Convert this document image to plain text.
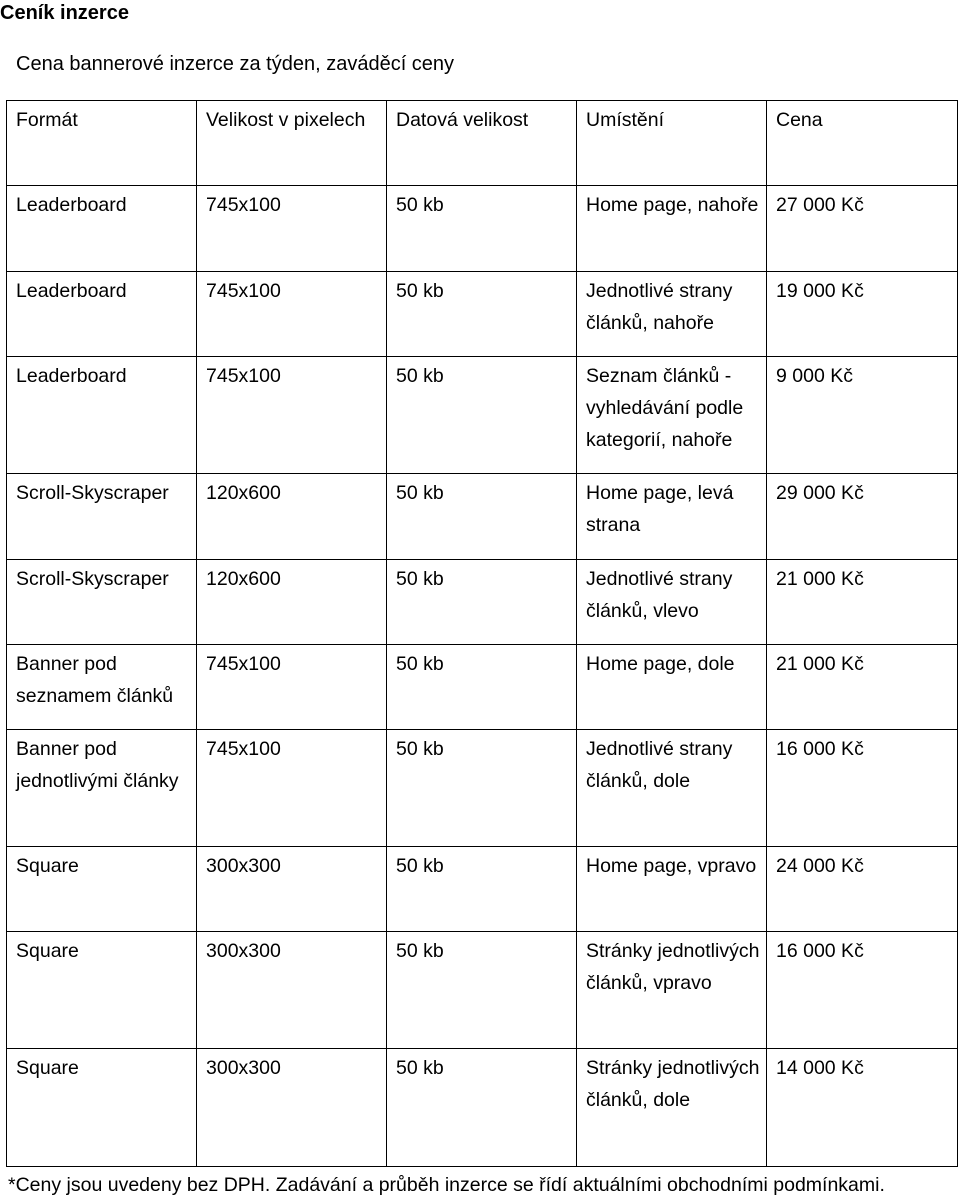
Ceník inzerce
Cena bannerové inzerce za týden, zaváděcí ceny
Formát	Velikost v pixelech	Datová velikost	Umístění	Cena
Leaderboard	745x100	50 kb	Home page, nahoře	27 000 Kč
Leaderboard	745x100	50 kb	Jednotlivé strany článků, nahoře	19 000 Kč
Leaderboard	745x100	50 kb	Seznam článků - vyhledávání podle kategorií, nahoře	9 000 Kč
Scroll-Skyscraper	120x600	50 kb	Home page, levá strana	29 000 Kč
Scroll-Skyscraper	120x600	50 kb	Jednotlivé strany článků, vlevo	21 000 Kč
Banner pod seznamem článků	745x100	50 kb	Home page, dole	21 000 Kč
Banner pod jednotlivými články	745x100	50 kb	Jednotlivé strany článků, dole	16 000 Kč
Square	300x300	50 kb	Home page, vpravo	24 000 Kč
Square	300x300	50 kb	Stránky jednotlivých článků, vpravo	16 000 Kč
Square	300x300	50 kb	Stránky jednotlivých článků, dole	14 000 Kč
*Ceny jsou uvedeny bez DPH. Zadávání a průběh inzerce se řídí aktuálními obchodními podmínkami.
